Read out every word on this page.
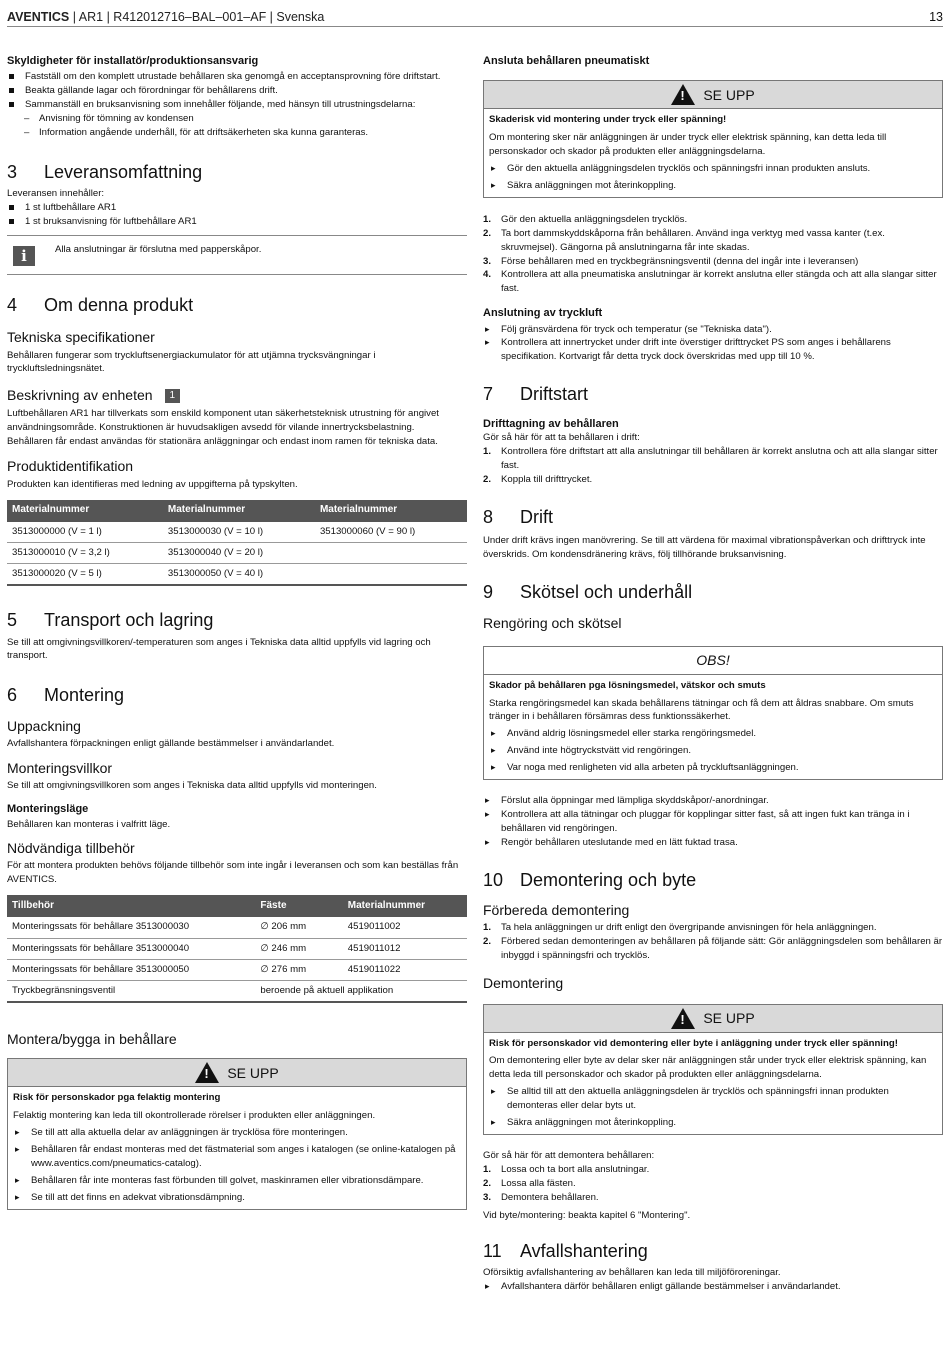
AVENTICS | AR1 | R412012716–BAL–001–AF | Svenska	13
Skyldigheter för installatör/produktionsansvarig
Fastställ om den komplett utrustade behållaren ska genomgå en acceptansprovning före driftstart.
Beakta gällande lagar och förordningar för behållarens drift.
Sammanställ en bruksanvisning som innehåller följande, med hänsyn till utrustningsdelarna:
– Anvisning för tömning av kondensen
– Information angående underhåll, för att driftsäkerheten ska kunna garanteras.
3	Leveransomfattning

Leveransen innehåller:

1 st luftbehållare AR1
1 st bruksanvisning för luftbehållare AR1
i	Alla anslutningar är förslutna med papperskåpor.

4	Om denna produkt
Tekniska specifikationer

Behållaren fungerar som tryckluftsenergiackumulator för att utjämna trycksvängningar i tryckluftsledningsnätet.

Beskrivning av enheten 1

Luftbehållaren AR1 har tillverkats som enskild komponent utan säkerhetsteknisk utrustning för angivet användningsområde. Konstruktionen är huvudsakligen avsedd för vilande innertrycksbelastning.

Behållaren får endast användas för stationära anläggningar och endast inom ramen för tekniska data.

Produktidentifikation

Produkten kan identifieras med ledning av uppgifterna på typskylten.

Materialnummer	Materialnummer	Materialnummer
3513000000 (V = 1 l)	3513000030 (V = 10 l)	3513000060 (V = 90 l)
3513000010 (V = 3,2 l)	3513000040 (V = 20 l)	
3513000020 (V = 5 l)	3513000050 (V = 40 l)	
5	Transport och lagring

Se till att omgivningsvillkoren/-temperaturen som anges i Tekniska data alltid uppfylls vid lagring och transport.

6	Montering
Uppackning

Avfallshantera förpackningen enligt gällande bestämmelser i användarlandet.

Monteringsvillkor

Se till att omgivningsvillkoren som anges i Tekniska data alltid uppfylls vid monteringen.

Monteringsläge

Behållaren kan monteras i valfritt läge.

Nödvändiga tillbehör

För att montera produkten behövs följande tillbehör som inte ingår i leveransen och som kan beställas från AVENTICS.

Tillbehör	Fäste	Materialnummer
Monteringssats för behållare 3513000030	∅ 206 mm	4519011002
Monteringssats för behållare 3513000040	∅ 246 mm	4519011012
Monteringssats för behållare 3513000050	∅ 276 mm	4519011022
Tryckbegränsningsventil	beroende på aktuell applikation	
Montera/bygga in behållare
! SE UPP
Risk för personskador pga felaktig montering

Felaktig montering kan leda till okontrollerade rörelser i produkten eller anläggningen.

▸ Se till att alla aktuella delar av anläggningen är trycklösa före monteringen.
▸ Behållaren får endast monteras med det fästmaterial som anges i katalogen (se online-katalogen på www.aventics.com/pneumatics-catalog).
▸ Behållaren får inte monteras fast förbunden till golvet, maskinramen eller vibrationsdämpare.
▸ Se till att det finns en adekvat vibrationsdämpning.
Ansluta behållaren pneumatiskt
! SE UPP
Skaderisk vid montering under tryck eller spänning!

Om montering sker när anläggningen är under tryck eller elektrisk spänning, kan detta leda till personskador och skador på produkten eller anläggningsdelarna.

▸ Gör den aktuella anläggningsdelen trycklös och spänningsfri innan produkten ansluts.
▸ Säkra anläggningen mot återinkoppling.
1. Gör den aktuella anläggningsdelen trycklös.
2. Ta bort dammskyddskåporna från behållaren. Använd inga verktyg med vassa kanter (t.ex. skruvmejsel). Gängorna på anslutningarna får inte skadas.
3. Förse behållaren med en tryckbegränsningsventil (denna del ingår inte i leveransen)
4. Kontrollera att alla pneumatiska anslutningar är korrekt anslutna eller stängda och att alla slangar sitter fast.
Anslutning av tryckluft
▸ Följ gränsvärdena för tryck och temperatur (se "Tekniska data").
▸ Kontrollera att innertrycket under drift inte överstiger drifttrycket PS som anges i behållarens specifikation. Kortvarigt får detta tryck dock överskridas med upp till 10 %.
7	Driftstart
Drifttagning av behållaren

Gör så här för att ta behållaren i drift:

1. Kontrollera före driftstart att alla anslutningar till behållaren är korrekt anslutna och att alla slangar sitter fast.
2. Koppla till drifttrycket.
8	Drift

Under drift krävs ingen manövrering. Se till att värdena för maximal vibrationspåverkan och drifttryck inte överskrids. Om kondensdränering krävs, följ tillhörande bruksanvisning.

9	Skötsel och underhåll
Rengöring och skötsel
OBS!
Skador på behållaren pga lösningsmedel, vätskor och smuts

Starka rengöringsmedel kan skada behållarens tätningar och få dem att åldras snabbare. Om smuts tränger in i behållaren försämras dess funktionssäkerhet.

▸ Använd aldrig lösningsmedel eller starka rengöringsmedel.
▸ Använd inte högtryckstvätt vid rengöringen.
▸ Var noga med renligheten vid alla arbeten på tryckluftsanläggningen.
▸ Förslut alla öppningar med lämpliga skyddskåpor/-anordningar.
▸ Kontrollera att alla tätningar och pluggar för kopplingar sitter fast, så att ingen fukt kan tränga in i behållaren vid rengöringen.
▸ Rengör behållaren uteslutande med en lätt fuktad trasa.
10 Demontering och byte
Förbereda demontering
1. Ta hela anläggningen ur drift enligt den övergripande anvisningen för hela anläggningen.
2. Förbered sedan demonteringen av behållaren på följande sätt: Gör anläggningsdelen som behållaren är inbyggd i spänningsfri och trycklös.
Demontering
! SE UPP
Risk för personskador vid demontering eller byte i anläggning under tryck eller spänning!

Om demontering eller byte av delar sker när anläggningen står under tryck eller elektrisk spänning, kan detta leda till personskador och skador på produkten eller anläggningsdelarna.

▸ Se alltid till att den aktuella anläggningsdelen är trycklös och spänningsfri innan produkten demonteras eller delar byts ut.
▸ Säkra anläggningen mot återinkoppling.

Gör så här för att demontera behållaren:

1. Lossa och ta bort alla anslutningar.
2. Lossa alla fästen.
3. Demontera behållaren.

Vid byte/montering: beakta kapitel 6 "Montering".

11	Avfallshantering

Oförsiktig avfallshantering av behållaren kan leda till miljöföroreningar.

▸ Avfallshantera därför behållaren enligt gällande bestämmelser i användarlandet.
